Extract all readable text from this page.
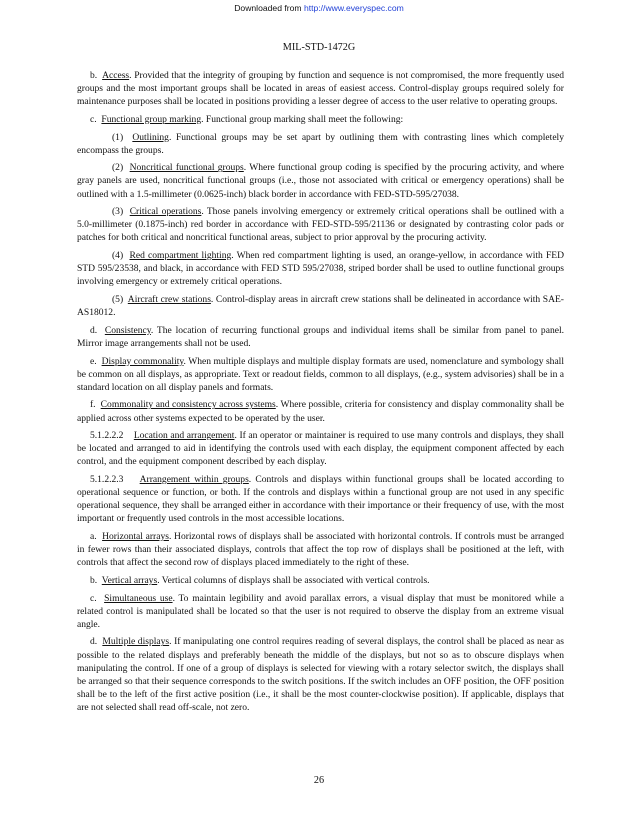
Downloaded from http://www.everyspec.com
MIL-STD-1472G

b. Access. Provided that the integrity of grouping by function and sequence is not compromised, the more frequently used groups and the most important groups shall be located in areas of easiest access. Control-display groups required solely for maintenance purposes shall be located in positions providing a lesser degree of access to the user relative to operating groups.

c. Functional group marking. Functional group marking shall meet the following:

(1) Outlining. Functional groups may be set apart by outlining them with contrasting lines which completely encompass the groups.

(2) Noncritical functional groups. Where functional group coding is specified by the procuring activity, and where gray panels are used, noncritical functional groups (i.e., those not associated with critical or emergency operations) shall be outlined with a 1.5-millimeter (0.0625-inch) black border in accordance with FED-STD-595/27038.

(3) Critical operations. Those panels involving emergency or extremely critical operations shall be outlined with a 5.0-millimeter (0.1875-inch) red border in accordance with FED-STD-595/21136 or designated by contrasting color pads or patches for both critical and noncritical functional areas, subject to prior approval by the procuring activity.

(4) Red compartment lighting. When red compartment lighting is used, an orange-yellow, in accordance with FED STD 595/23538, and black, in accordance with FED STD 595/27038, striped border shall be used to outline functional groups involving emergency or extremely critical operations.

(5) Aircraft crew stations. Control-display areas in aircraft crew stations shall be delineated in accordance with SAE-AS18012.

d. Consistency. The location of recurring functional groups and individual items shall be similar from panel to panel. Mirror image arrangements shall not be used.

e. Display commonality. When multiple displays and multiple display formats are used, nomenclature and symbology shall be common on all displays, as appropriate. Text or readout fields, common to all displays, (e.g., system advisories) shall be in a standard location on all display panels and formats.

f. Commonality and consistency across systems. Where possible, criteria for consistency and display commonality shall be applied across other systems expected to be operated by the user.

5.1.2.2.2 Location and arrangement. If an operator or maintainer is required to use many controls and displays, they shall be located and arranged to aid in identifying the controls used with each display, the equipment component affected by each control, and the equipment component described by each display.

5.1.2.2.3 Arrangement within groups. Controls and displays within functional groups shall be located according to operational sequence or function, or both. If the controls and displays within a functional group are not used in any specific operational sequence, they shall be arranged either in accordance with their importance or their frequency of use, with the most important or frequently used controls in the most accessible locations.

a. Horizontal arrays. Horizontal rows of displays shall be associated with horizontal controls. If controls must be arranged in fewer rows than their associated displays, controls that affect the top row of displays shall be positioned at the left, with controls that affect the second row of displays placed immediately to the right of these.

b. Vertical arrays. Vertical columns of displays shall be associated with vertical controls.

c. Simultaneous use. To maintain legibility and avoid parallax errors, a visual display that must be monitored while a related control is manipulated shall be located so that the user is not required to observe the display from an extreme visual angle.

d. Multiple displays. If manipulating one control requires reading of several displays, the control shall be placed as near as possible to the related displays and preferably beneath the middle of the displays, but not so as to obscure displays when manipulating the control. If one of a group of displays is selected for viewing with a rotary selector switch, the displays shall be arranged so that their sequence corresponds to the switch positions. If the switch includes an OFF position, the OFF position shall be to the left of the first active position (i.e., it shall be the most counter-clockwise position). If applicable, displays that are not selected shall read off-scale, not zero.

26
